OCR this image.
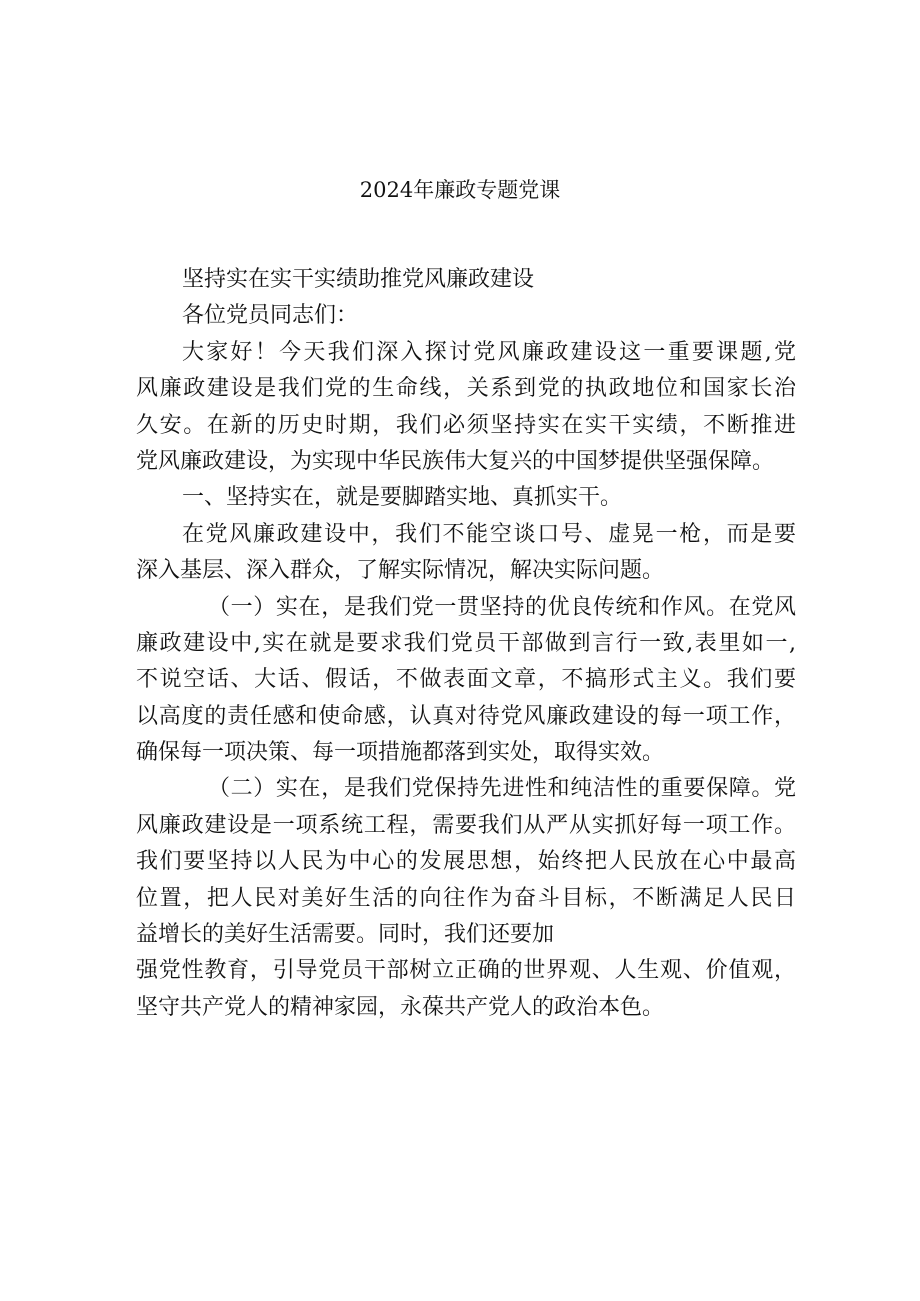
2024年廉政专题党课
坚持实在实干实绩助推党风廉政建设
各位党员同志们：
大家好！今天我们深入探讨党风廉政建设这一重要课题,党
风廉政建设是我们党的生命线，关系到党的执政地位和国家长治
久安。在新的历史时期，我们必须坚持实在实干实绩，不断推进
党风廉政建设，为实现中华民族伟大复兴的中国梦提供坚强保障。
一、坚持实在，就是要脚踏实地、真抓实干。
在党风廉政建设中，我们不能空谈口号、虚晃一枪，而是要
深入基层、深入群众，了解实际情况，解决实际问题。
（一）实在，是我们党一贯坚持的优良传统和作风。在党风
廉政建设中,实在就是要求我们党员干部做到言行一致,表里如一,
不说空话、大话、假话，不做表面文章，不搞形式主义。我们要
以高度的责任感和使命感，认真对待党风廉政建设的每一项工作，
确保每一项决策、每一项措施都落到实处，取得实效。
（二）实在，是我们党保持先进性和纯洁性的重要保障。党
风廉政建设是一项系统工程，需要我们从严从实抓好每一项工作。
我们要坚持以人民为中心的发展思想，始终把人民放在心中最高
位置，把人民对美好生活的向往作为奋斗目标，不断满足人民日
益增长的美好生活需要。同时，我们还要加
强党性教育，引导党员干部树立正确的世界观、人生观、价值观，
坚守共产党人的精神家园，永葆共产党人的政治本色。
